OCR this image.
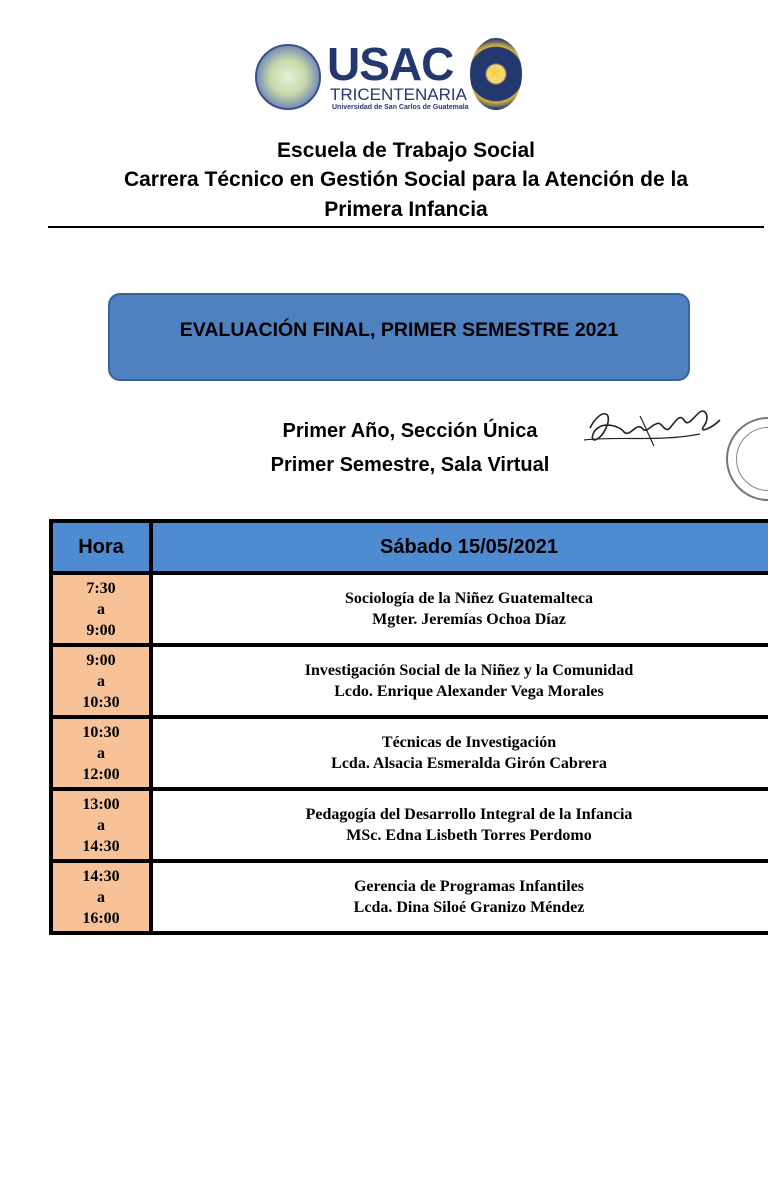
USAC
TRICENTENARIA
Universidad de San Carlos de Guatemala
★
Escuela de Trabajo Social
Carrera Técnico en Gestión Social para la Atención de la
Primera Infancia
EVALUACIÓN FINAL, PRIMER SEMESTRE 2021
Primer Año, Sección Única
Primer Semestre, Sala Virtual
Hora	Sábado 15/05/2021

7:30
a
9:00	Sociología de la Niñez Guatemalteca
Mgter. Jeremías Ochoa Díaz

9:00
a
10:30	Investigación Social de la Niñez y la Comunidad
Lcdo. Enrique Alexander Vega Morales

10:30
a
12:00	Técnicas de Investigación
Lcda. Alsacia Esmeralda Girón Cabrera

13:00
a
14:30	Pedagogía del Desarrollo Integral de la Infancia
MSc. Edna Lisbeth Torres Perdomo

14:30
a
16:00	Gerencia de Programas Infantiles
Lcda. Dina Siloé Granizo Méndez
